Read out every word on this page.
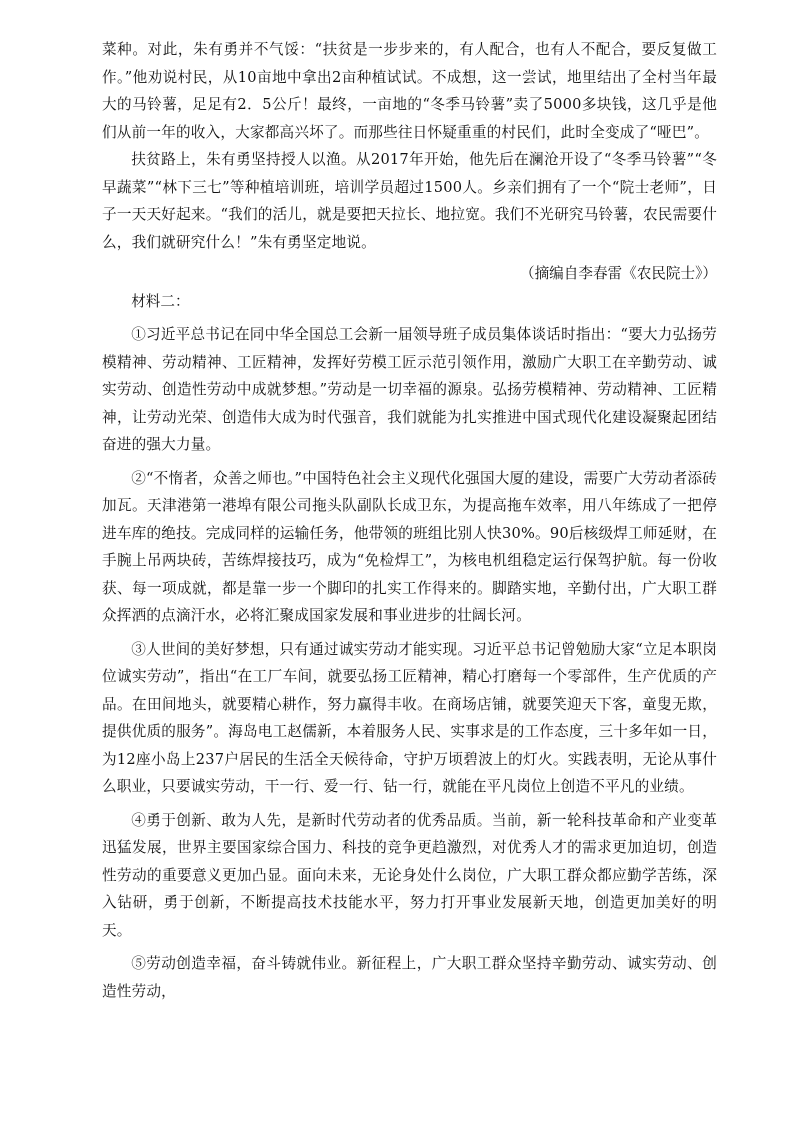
菜种。对此，朱有勇并不气馁：“扶贫是一步步来的，有人配合，也有人不配合，要反复做工作。”他劝说村民，从10亩地中拿出2亩种植试试。不成想，这一尝试，地里结出了全村当年最大的马铃薯，足足有2．5公斤！最终，一亩地的“冬季马铃薯”卖了5000多块钱，这几乎是他们从前一年的收入，大家都高兴坏了。而那些往日怀疑重重的村民们，此时全变成了“哑巴”。

扶贫路上，朱有勇坚持授人以渔。从2017年开始，他先后在澜沧开设了“冬季马铃薯”“冬早蔬菜”“林下三七”等种植培训班，培训学员超过1500人。乡亲们拥有了一个“院士老师”，日子一天天好起来。“我们的活儿，就是要把天拉长、地拉宽。我们不光研究马铃薯，农民需要什么，我们就研究什么！”朱有勇坚定地说。

（摘编自李春雷《农民院士》）

材料二：

①习近平总书记在同中华全国总工会新一届领导班子成员集体谈话时指出：“要大力弘扬劳模精神、劳动精神、工匠精神，发挥好劳模工匠示范引领作用，激励广大职工在辛勤劳动、诚实劳动、创造性劳动中成就梦想。”劳动是一切幸福的源泉。弘扬劳模精神、劳动精神、工匠精神，让劳动光荣、创造伟大成为时代强音，我们就能为扎实推进中国式现代化建设凝聚起团结奋进的强大力量。

②“不惰者，众善之师也。”中国特色社会主义现代化强国大厦的建设，需要广大劳动者添砖加瓦。天津港第一港埠有限公司拖头队副队长成卫东，为提高拖车效率，用八年练成了一把停进车库的绝技。完成同样的运输任务，他带领的班组比别人快30%。90后核级焊工师延财，在手腕上吊两块砖，苦练焊接技巧，成为“免检焊工”，为核电机组稳定运行保驾护航。每一份收获、每一项成就，都是靠一步一个脚印的扎实工作得来的。脚踏实地，辛勤付出，广大职工群众挥洒的点滴汗水，必将汇聚成国家发展和事业进步的壮阔长河。

③人世间的美好梦想，只有通过诚实劳动才能实现。习近平总书记曾勉励大家“立足本职岗位诚实劳动”，指出“在工厂车间，就要弘扬工匠精神，精心打磨每一个零部件，生产优质的产品。在田间地头，就要精心耕作，努力赢得丰收。在商场店铺，就要笑迎天下客，童叟无欺，提供优质的服务”。海岛电工赵儒新，本着服务人民、实事求是的工作态度，三十多年如一日，为12座小岛上237户居民的生活全天候待命，守护万顷碧波上的灯火。实践表明，无论从事什么职业，只要诚实劳动，干一行、爱一行、钻一行，就能在平凡岗位上创造不平凡的业绩。

④勇于创新、敢为人先，是新时代劳动者的优秀品质。当前，新一轮科技革命和产业变革迅猛发展，世界主要国家综合国力、科技的竞争更趋激烈，对优秀人才的需求更加迫切，创造性劳动的重要意义更加凸显。面向未来，无论身处什么岗位，广大职工群众都应勤学苦练，深入钻研，勇于创新，不断提高技术技能水平，努力打开事业发展新天地，创造更加美好的明天。

⑤劳动创造幸福，奋斗铸就伟业。新征程上，广大职工群众坚持辛勤劳动、诚实劳动、创造性劳动，
